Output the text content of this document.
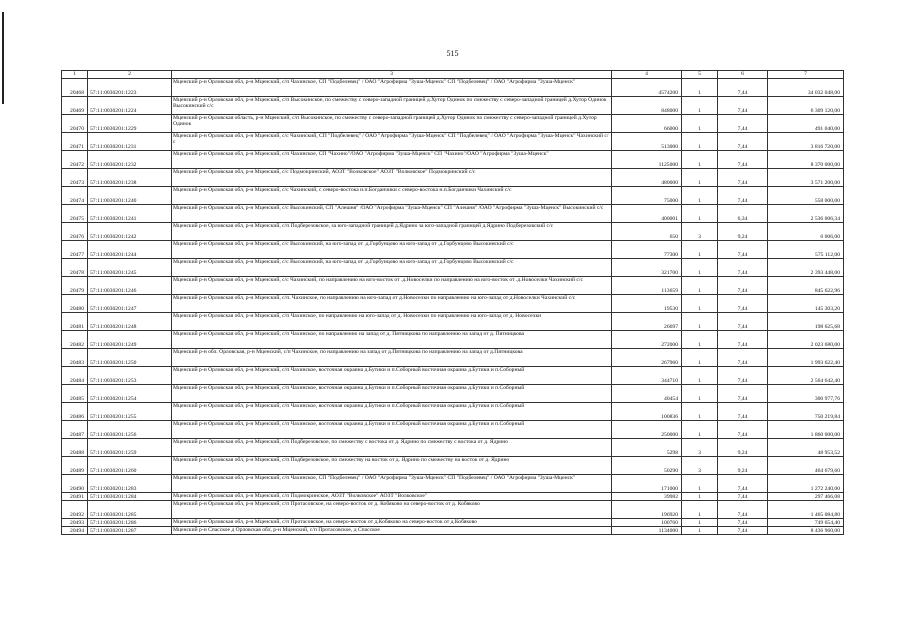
515
1	2	3	4	5	6	7
20468	57:11:0030201:1223	Мценский р-н Орловская обл, р-н Мценский, с/п Чахинское, СП "Подбелевец" / ОАО "Агрофирма "Зуша-Мценск" СП "Подбелевец" / ОАО "Агрофирма "Зуша-Мценск"	4574200	1	7,44	34 032 048,00
20469	57:11:0030201:1224	Мценский р-н Орловская обл, р-н Мценский, с/п Высокинское, по смежеству с северо-западной границей д.Хутор Одинок по смежеству с северо-западной границей д.Хутор Одинок Высокинский с/с	848000	1	7,44	6 309 120,00
20470	57:11:0030201:1229	Мценский р-н Орловская область, р-н Мценский, с/п Высокинское, по смежеству с северо-западной границей д.Хутор Одинок по смежеству с северо-западной границей д.Хутор Одинок	66000	1	7,44	491 040,00
20471	57:11:0030201:1231	Мценский р-н Орловская обл, р-н Мценский, с/с Чахинский, СП "Подбелевец" / ОАО "Агрофирма "Зуша-Мценск" СП "Подбелевец" / ОАО "Агрофирма "Зуша-Мценск" Чахинский с/с	513000	1	7,44	3 816 720,00
20472	57:11:0030201:1232	Мценский р-н Орловская обл, р-н Мценский, с/п Чахинское, СП "Чахино"/ОАО "Агрофирма "Зуша-Мценск" СП "Чахино"/ОАО "Агрофирма "Зуша-Мценск"	1125000	1	7,44	8 370 000,00
20473	57:11:0030201:1238	Мценский р-н Орловская обл, р-н Мценский, с/с Подмокринский, АОЗТ "Волковское" АОЗТ "Волковское" Подмокринский с/с	480000	1	7,44	3 571 200,00
20474	57:11:0030201:1240	Мценский р-н Орловская обл, р-н Мценский, с/с Чахинский, с северо-востока н.п.Богданчики с северо-востока н.п.Богданчики Чахинский с/с	75000	1	7,44	558 000,00
20475	57:11:0030201:1241	Мценский р-н Орловская обл, р-н Мценский, с/с Высокинский, СП "Алешня" /ОАО "Агрофирма "Зуша-Мценск" СП "Алешня" /ОАО "Агрофирма "Зуша-Мценск" Высокинский с/с	400001	1	6,34	2 536 006,34
20476	57:11:0030201:1242	Мценский р-н Орловская обл, р-н Мценский, с/п Подберезовское, за юго-западной границей д.Ядрино за юго-западной границей д.Ядрино Подберезовский с/с	650	3	9,24	6 006,00
20477	57:11:0030201:1244	Мценский р-н Орловская обл, р-н Мценский, с/с Высокинский, на юго-запад от .д.Горбунцово на юго-запад от .д.Горбунцово Высокинский с/с	77300	1	7,44	575 112,00
20478	57:11:0030201:1245	Мценский р-н Орловская обл, р-н Мценский, с/с Высокинский, на юго-запад от .д.Горбунцово на юго-запад от .д.Горбунцово Высокинский с/с	321700	1	7,44	2 393 448,00
20479	57:11:0030201:1246	Мценский р-н Орловская обл, р-н Мценский, с/с Чахинский, по направлению на юго-восток от .д.Новоселки по направлению на юго-восток от .д.Новоселки Чахинский с/с	113659	1	7,44	845 622,96
20480	57:11:0030201:1247	Мценский р-н Орловская обл, р-н Мценский, с/п. Чахинское, по направлению на юго-запад от д.Новоселки по направлению на юго-запад от д.Новоселки Чахинский с/с	19530	1	7,44	145 303,20
20481	57:11:0030201:1248	Мценский р-н Орловская обл, р-н Мценский, с/п Чахинское, по направлению на юго-запад от д. Новоселки по направлению на юго-запад от д. Новоселки	26697	1	7,44	198 625,68
20482	57:11:0030201:1249	Мценский р-н Орловская обл, р-н Мценский, с/п Чахинское, по направлению на запад от д. Пятницкова по направлению на запад от д. Пятницкова	272000	1	7,44	2 023 680,00
20483	57:11:0030201:1250	Мценский р-н обл. Орловская, р-н Мценский, с/п Чахинское, по направлению на запад от д.Пятницкова по направлению на запад от д.Пятницкова	267960	1	7,44	1 993 622,40
20484	57:11:0030201:1253	Мценский р-н Орловская обл, р-н Мценский, с/п Чахинское, восточная окраина д.Бутики и п.Соборный восточная окраина д.Бутики и п.Соборный	344710	1	7,44	2 564 642,40
20485	57:11:0030201:1254	Мценский р-н Орловская обл, р-н Мценский, с/п Чахинское, восточная окраина д.Бутики и п.Соборный восточная окраина д.Бутики и п.Соборный	40454	1	7,44	300 977,76
20486	57:11:0030201:1255	Мценский р-н Орловская обл, р-н Мценский, с/п Чахинское, восточная окраина д.Бутики и п.Соборный восточная окраина д.Бутики и п.Соборный	100836	1	7,44	750 219,84
20487	57:11:0030201:1256	Мценский р-н Орловская обл, р-н Мценский, с/п Чахинское, восточная окраина д.Бутики и п.Соборный восточная окраина д.Бутики и п.Соборный	250000	1	7,44	1 860 000,00
20488	57:11:0030201:1259	Мценский р-н Орловская обл, р-н Мценский, с/п Подберезовское, по смежеству с востока от д. Ядрино по смежеству с востока от д. Ядрино	5298	3	9,24	48 953,52
20489	57:11:0030201:1260	Мценский р-н Орловская обл, р-н Мценский, с/п Подберезовское, по смежеству на восток от д. Ядрино по смежеству на восток от д. Ядрино	50290	3	9,24	464 679,60
20490	57:11:0030201:1283	Мценский р-н Орловская обл, р-н Мценский, с/п Чахинское, СП "Подбелевец" / ОАО "Агрофирма "Зуша-Мценск" СП "Подбелевец" / ОАО "Агрофирма "Зуша-Мценск"	171000	1	7,44	1 272 240,00
20491	57:11:0030201:1284	Мценский р-н Орловская обл, р-н Мценский, с/п Подмокринское, АОЗТ "Волковское" АОЗТ "Волковское"	39982	1	7,44	297 466,08
20492	57:11:0030201:1285	Мценский р-н Орловская обл, р-н Мценский, с/п Протасовское, на северо-восток от д. Кобяково на северо-восток от д. Кобяково	196920	1	7,44	1 465 084,80
20493	57:11:0030201:1286	Мценский р-н Орловская обл, р-н Мценский, с/п Протасовское, на северо-восток от д.Кобяково на северо-восток от д.Кобяково	100760	1	7,44	749 654,40
20494	57:11:0030201:1287	Мценский р-н Спасское д Орловская обл, р-н Мценский, с/п Протасовское, д Спасское	1134000	1	7,44	8 436 960,00
